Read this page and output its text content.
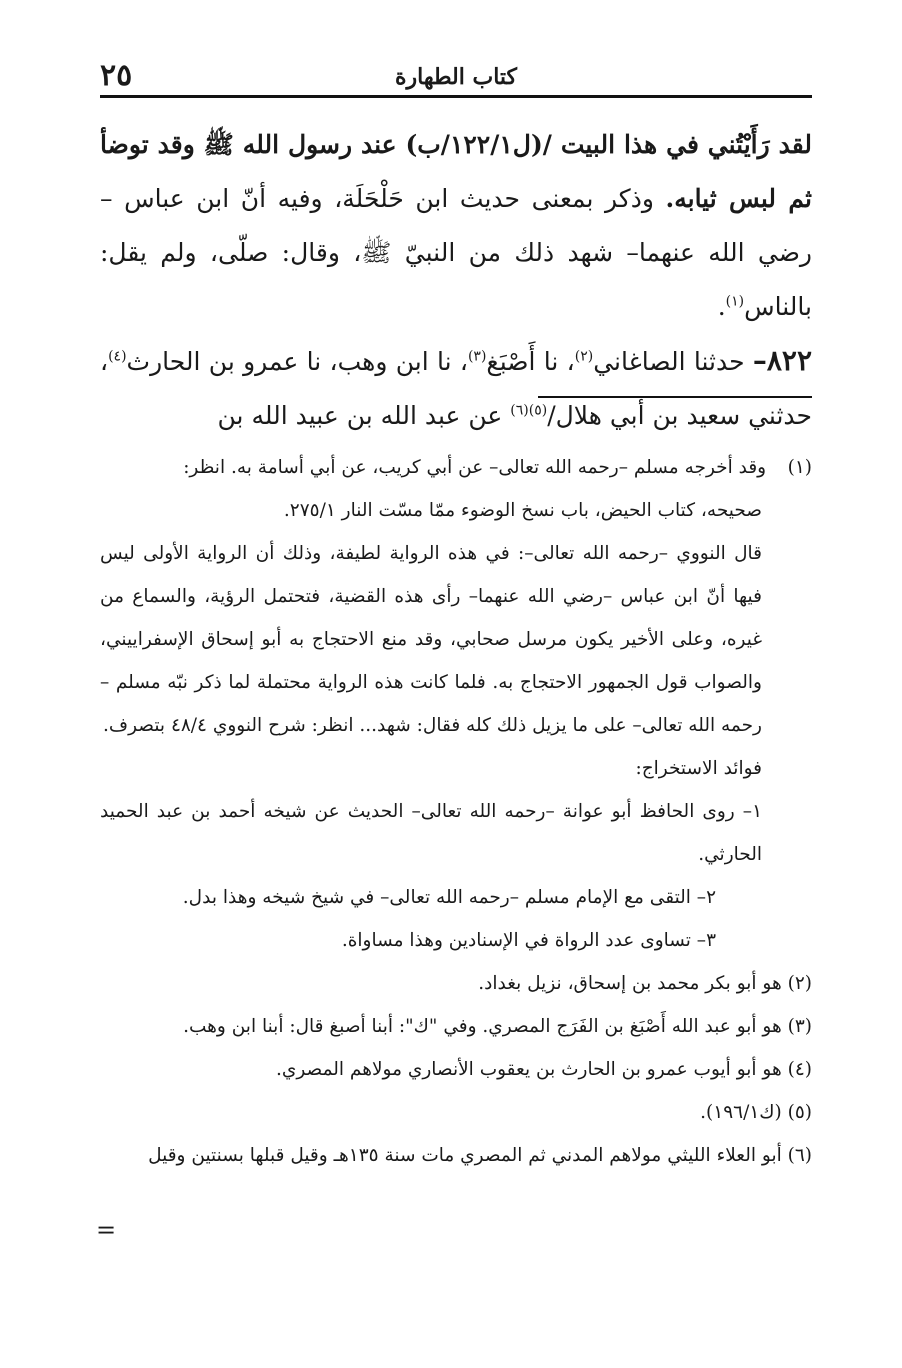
كتاب الطهارة
٢٥

لقد رَأَيْتُني في هذا البيت /(ل١٢٢/١/ب) عند رسول الله ﷺ وقد توضأ ثم لبس ثيابه. وذكر بمعنى حديث ابن حَلْحَلَة، وفيه أنّ ابن عباس –رضي الله عنهما– شهد ذلك من النبيّ ﷺ، وقال: صلّى، ولم يقل: بالناس$^{(١)}$.

٨٢٢– حدثنا الصاغاني$^{(٢)}$، نا أَصْبَغ$^{(٣)}$، نا ابن وهب، نا عمرو بن الحارث$^{(٤)}$، حدثني سعيد بن أبي هلال/$^{(٥)(٦)}$ عن عبد الله بن عبيد الله بن

(١) وقد أخرجه مسلم –رحمه الله تعالى– عن أبي كريب، عن أبي أسامة به. انظر:

صحيحه، كتاب الحيض، باب نسخ الوضوء ممّا مسّت النار ٢٧٥/١.

قال النووي –رحمه الله تعالى–: في هذه الرواية لطيفة، وذلك أن الرواية الأولى ليس فيها أنّ ابن عباس –رضي الله عنهما– رأى هذه القضية، فتحتمل الرؤية، والسماع من غيره، وعلى الأخير يكون مرسل صحابي، وقد منع الاحتجاج به أبو إسحاق الإسفراييني، والصواب قول الجمهور الاحتجاج به. فلما كانت هذه الرواية محتملة لما ذكر نبّه مسلم –رحمه الله تعالى– على ما يزيل ذلك كله فقال: شهد... انظر: شرح النووي ٤٨/٤ بتصرف.

فوائد الاستخراج:

١– روى الحافظ أبو عوانة –رحمه الله تعالى– الحديث عن شيخه أحمد بن عبد الحميد الحارثي.

٢– التقى مع الإمام مسلم –رحمه الله تعالى– في شيخ شيخه وهذا بدل.

٣– تساوى عدد الرواة في الإسنادين وهذا مساواة.

(٢) هو أبو بكر محمد بن إسحاق، نزيل بغداد.

(٣) هو أبو عبد الله أَصْبَغ بن الفَرَج المصري. وفي "ك": أبنا أصبغ قال: أبنا ابن وهب.

(٤) هو أبو أيوب عمرو بن الحارث بن يعقوب الأنصاري مولاهم المصري.

(٥) (ك١٩٦/١).

(٦) أبو العلاء الليثي مولاهم المدني ثم المصري مات سنة ١٣٥هـ وقيل قبلها بسنتين وقيل

=
